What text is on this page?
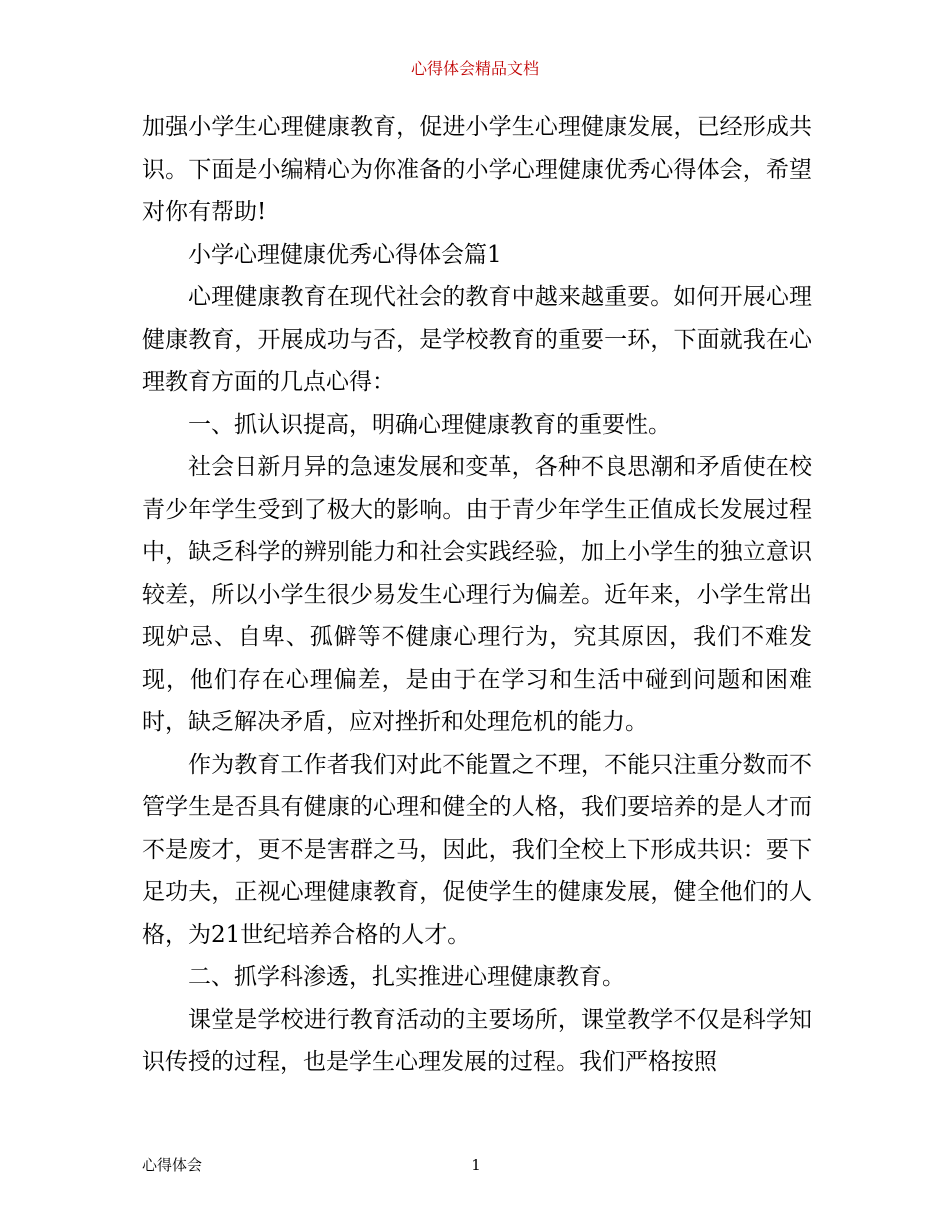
心得体会精品文档

加强小学生心理健康教育，促进小学生心理健康发展，已经形成共识。下面是小编精心为你准备的小学心理健康优秀心得体会，希望对你有帮助!

小学心理健康优秀心得体会篇1

心理健康教育在现代社会的教育中越来越重要。如何开展心理健康教育，开展成功与否，是学校教育的重要一环，下面就我在心理教育方面的几点心得：

一、抓认识提高，明确心理健康教育的重要性。

社会日新月异的急速发展和变革，各种不良思潮和矛盾使在校青少年学生受到了极大的影响。由于青少年学生正值成长发展过程中，缺乏科学的辨别能力和社会实践经验，加上小学生的独立意识较差，所以小学生很少易发生心理行为偏差。近年来，小学生常出现妒忌、自卑、孤僻等不健康心理行为，究其原因，我们不难发现，他们存在心理偏差，是由于在学习和生活中碰到问题和困难时，缺乏解决矛盾，应对挫折和处理危机的能力。

作为教育工作者我们对此不能置之不理，不能只注重分数而不管学生是否具有健康的心理和健全的人格，我们要培养的是人才而不是废才，更不是害群之马，因此，我们全校上下形成共识：要下足功夫，正视心理健康教育，促使学生的健康发展，健全他们的人格，为21世纪培养合格的人才。

二、抓学科渗透，扎实推进心理健康教育。

课堂是学校进行教育活动的主要场所，课堂教学不仅是科学知识传授的过程，也是学生心理发展的过程。我们严格按照

心得体会	1
